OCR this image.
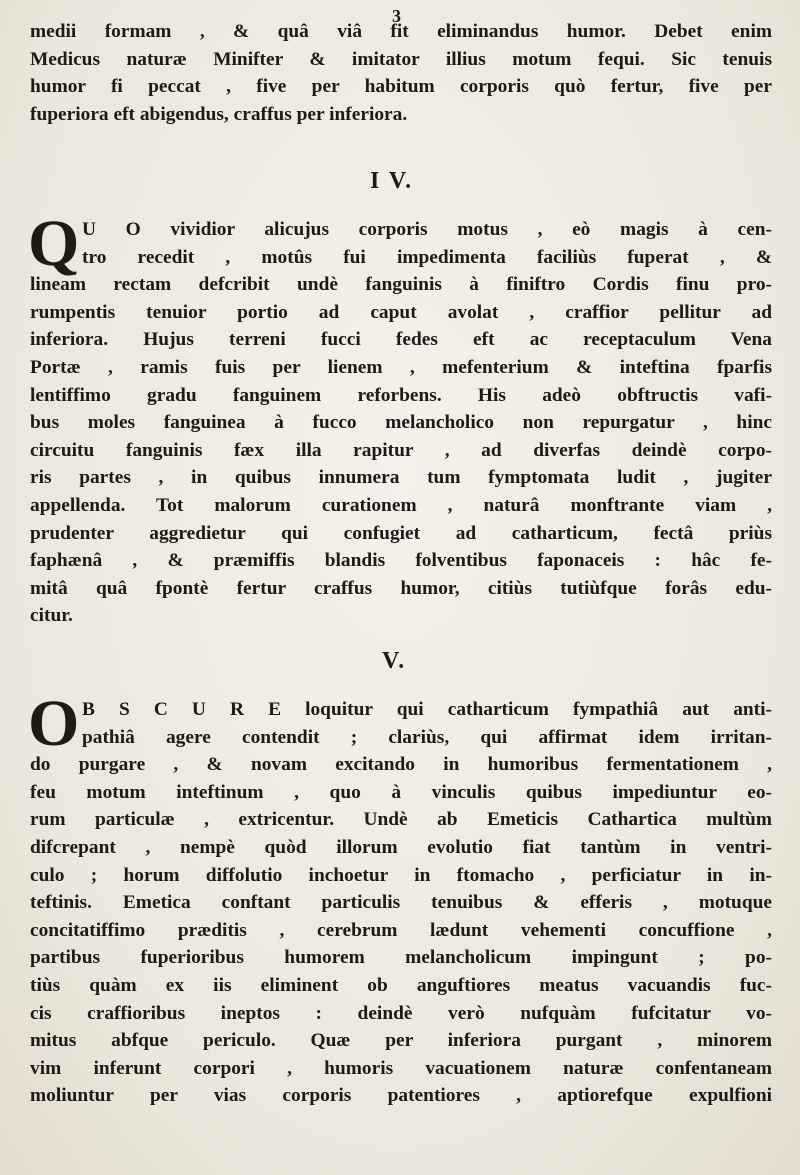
3
medii formam , & quâ viâ fit eliminandus humor. Debet enim
Medicus naturæ Minifter & imitator illius motum fequi. Sic tenuis
humor fi peccat , five per habitum corporis quò fertur, five per
fuperiora eft abigendus, craffus per inferiora.
I V.
Q U O vividior alicujus corporis motus , eò magis à cen-
tro recedit , motûs fui impedimenta faciliùs fuperat , &
lineam rectam defcribit undè fanguinis à finiftro Cordis finu pro-
rumpentis tenuior portio ad caput avolat , craffior pellitur ad
inferiora. Hujus terreni fucci fedes eft ac receptaculum Vena
Portæ , ramis fuis per lienem , mefenterium & inteftina fparfis
lentiffimo gradu fanguinem reforbens. His adeò obftructis vafi-
bus moles fanguinea à fucco melancholico non repurgatur , hinc
circuitu fanguinis fæx illa rapitur , ad diverfas deindè corpo-
ris partes , in quibus innumera tum fymptomata ludit , jugiter
appellenda. Tot malorum curationem , naturâ monftrante viam ,
prudenter aggredietur qui confugiet ad catharticum, fectâ priùs
faphænâ , & præmiffis blandis folventibus faponaceis : hâc fe-
mitâ quâ fpontè fertur craffus humor, citiùs tutiùfque forâs edu-
citur.
V.
O B S C U R E loquitur qui catharticum fympathiâ aut anti-
pathiâ agere contendit ; clariùs, qui affirmat idem irritan-
do purgare , & novam excitando in humoribus fermentationem ,
feu motum inteftinum , quo à vinculis quibus impediuntur eo-
rum particulæ , extricentur. Undè ab Emeticis Cathartica multùm
difcrepant , nempè quòd illorum evolutio fiat tantùm in ventri-
culo ; horum diffolutio inchoetur in ftomacho , perficiatur in in-
teftinis. Emetica conftant particulis tenuibus & efferis , motuque
concitatiffimo præditis , cerebrum lædunt vehementi concuffione ,
partibus fuperioribus humorem melancholicum impingunt ; po-
tiùs quàm ex iis eliminent ob anguftiores meatus vacuandis fuc-
cis craffioribus ineptos : deindè verò nufquàm fufcitatur vo-
mitus abfque periculo. Quæ per inferiora purgant , minorem
vim inferunt corpori , humoris vacuationem naturæ confentaneam
moliuntur per vias corporis patentiores , aptiorefque expulfioni
